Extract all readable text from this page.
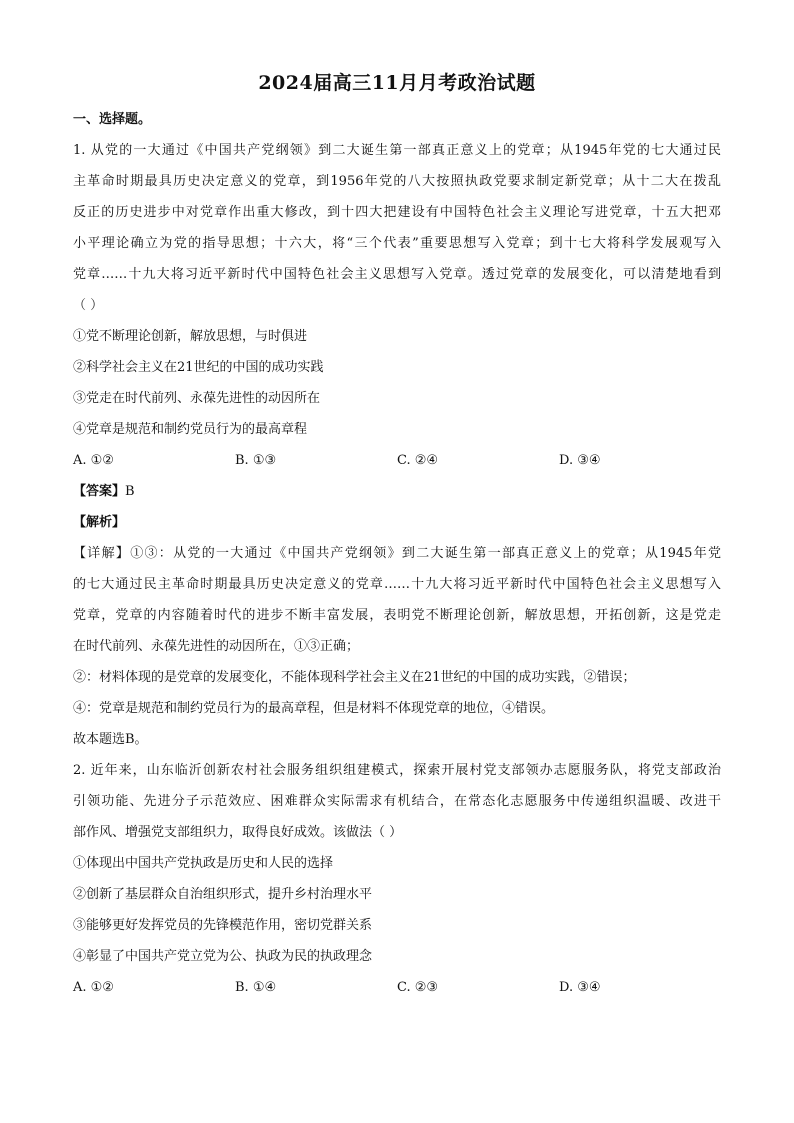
2024届高三11月月考政治试题
一、选择题。
1. 从党的一大通过《中国共产党纲领》到二大诞生第一部真正意义上的党章；从1945年党的七大通过民
主革命时期最具历史决定意义的党章，到1956年党的八大按照执政党要求制定新党章；从十二大在拨乱
反正的历史进步中对党章作出重大修改，到十四大把建设有中国特色社会主义理论写进党章，十五大把邓
小平理论确立为党的指导思想；十六大，将“三个代表”重要思想写入党章；到十七大将科学发展观写入
党章……十九大将习近平新时代中国特色社会主义思想写入党章。透过党章的发展变化，可以清楚地看到
（ ）
①党不断理论创新，解放思想，与时俱进
②科学社会主义在21世纪的中国的成功实践
③党走在时代前列、永葆先进性的动因所在
④党章是规范和制约党员行为的最高章程
A. ①②	B. ①③	C. ②④	D. ③④
【答案】B
【解析】
【详解】①③：从党的一大通过《中国共产党纲领》到二大诞生第一部真正意义上的党章；从1945年党
的七大通过民主革命时期最具历史决定意义的党章……十九大将习近平新时代中国特色社会主义思想写入
党章，党章的内容随着时代的进步不断丰富发展，表明党不断理论创新，解放思想，开拓创新，这是党走
在时代前列、永葆先进性的动因所在，①③正确；
②：材料体现的是党章的发展变化，不能体现科学社会主义在21世纪的中国的成功实践，②错误；
④：党章是规范和制约党员行为的最高章程，但是材料不体现党章的地位，④错误。
故本题选B。
2. 近年来，山东临沂创新农村社会服务组织组建模式，探索开展村党支部领办志愿服务队，将党支部政治
引领功能、先进分子示范效应、困难群众实际需求有机结合，在常态化志愿服务中传递组织温暖、改进干
部作风、增强党支部组织力，取得良好成效。该做法（ ）
①体现出中国共产党执政是历史和人民的选择
②创新了基层群众自治组织形式，提升乡村治理水平
③能够更好发挥党员的先锋模范作用，密切党群关系
④彰显了中国共产党立党为公、执政为民的执政理念
A. ①②	B. ①④	C. ②③	D. ③④
